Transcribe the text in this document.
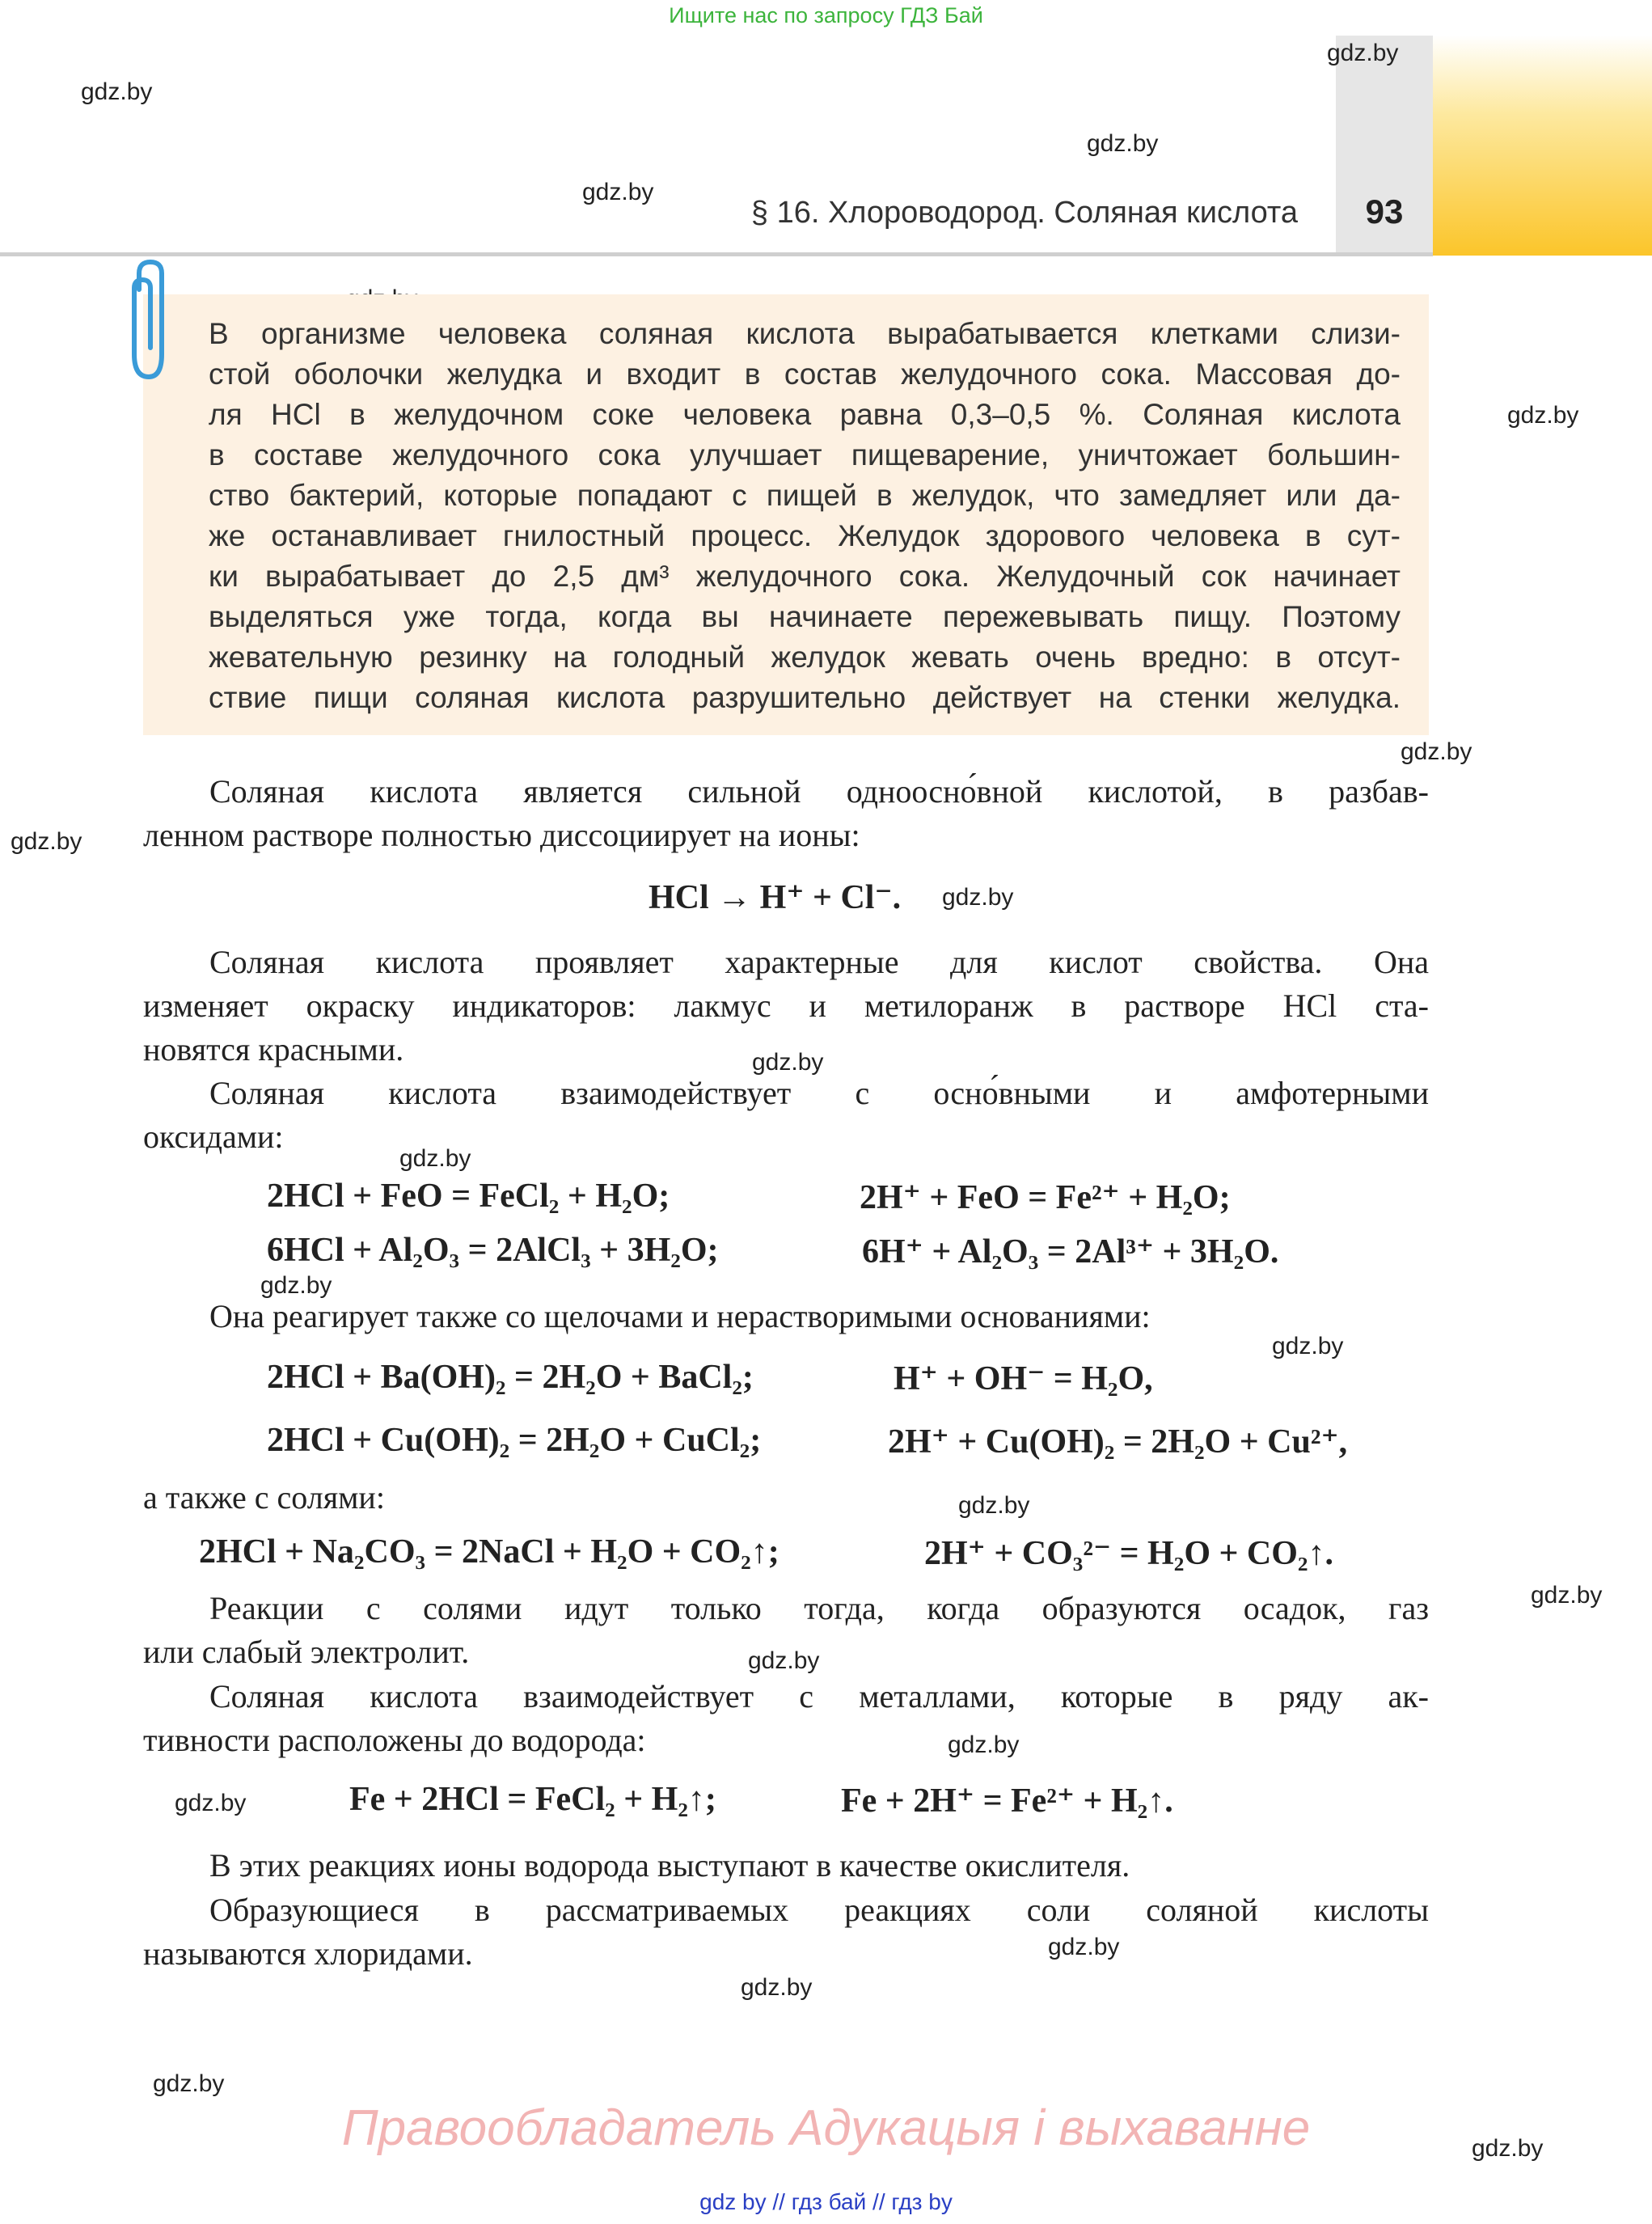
Ищите нас по запросу ГДЗ Бай
§ 16. Хлороводород. Соляная кислота	93
gdz.by
gdz.by
gdz.by
gdz.by
gdz.by
gdz.by
gdz.by
gdz.by
gdz.by
gdz.by
gdz.by
gdz.by
gdz.by
gdz.by
gdz.by
gdz.by
gdz.by
gdz.by
gdz.by
gdz.by
gdz.by
В организме человека соляная кислота вырабатывается клетками слизи-
стой оболочки желудка и входит в состав желудочного сока. Массовая до-
ля HCl в желудочном соке человека равна 0,3–0,5 %. Соляная кислота
в составе желудочного сока улучшает пищеварение, уничтожает большин-
ство бактерий, которые попадают с пищей в желудок, что замедляет или да-
же останавливает гнилостный процесс. Желудок здорового человека в сут-
ки вырабатывает до 2,5 дм³ желудочного сока. Желудочный сок начинает
выделяться уже тогда, когда вы начинаете пережевывать пищу. Поэтому
жевательную резинку на голодный желудок жевать очень вредно: в отсут-
ствие пищи соляная кислота разрушительно действует на стенки желудка.
Соляная кислота является сильной одноосно́вной кислотой, в разбав-
ленном растворе полностью диссоциирует на ионы:
HCl → H⁺ + Cl⁻.
Соляная кислота проявляет характерные для кислот свойства. Она
изменяет окраску индикаторов: лакмус и метилоранж в растворе HCl ста-
новятся красными.
Соляная кислота взаимодействует с осно́вными и амфотерными
оксидами:
2HCl + FeO = FeCl₂ + H₂O;	2H⁺ + FeO = Fe²⁺ + H₂O;
6HCl + Al₂O₃ = 2AlCl₃ + 3H₂O;	6H⁺ + Al₂O₃ = 2Al³⁺ + 3H₂O.
Она реагирует также со щелочами и нерастворимыми основаниями:
2HCl + Ba(OH)₂ = 2H₂O + BaCl₂;	H⁺ + OH⁻ = H₂O,
2HCl + Cu(OH)₂ = 2H₂O + CuCl₂;	2H⁺ + Cu(OH)₂ = 2H₂O + Cu²⁺,
а также с солями:
2HCl + Na₂CO₃ = 2NaCl + H₂O + CO₂↑;	2H⁺ + CO₃²⁻ = H₂O + CO₂↑.
Реакции с солями идут только тогда, когда образуются осадок, газ
или слабый электролит.
Соляная кислота взаимодействует с металлами, которые в ряду ак-
тивности расположены до водорода:
Fe + 2HCl = FeCl₂ + H₂↑;	Fe + 2H⁺ = Fe²⁺ + H₂↑.
В этих реакциях ионы водорода выступают в качестве окислителя.
Образующиеся в рассматриваемых реакциях соли соляной кислоты
называются хлоридами.
Правообладатель Адукацыя і выхаванне
gdz by // гдз бай // гдз by
